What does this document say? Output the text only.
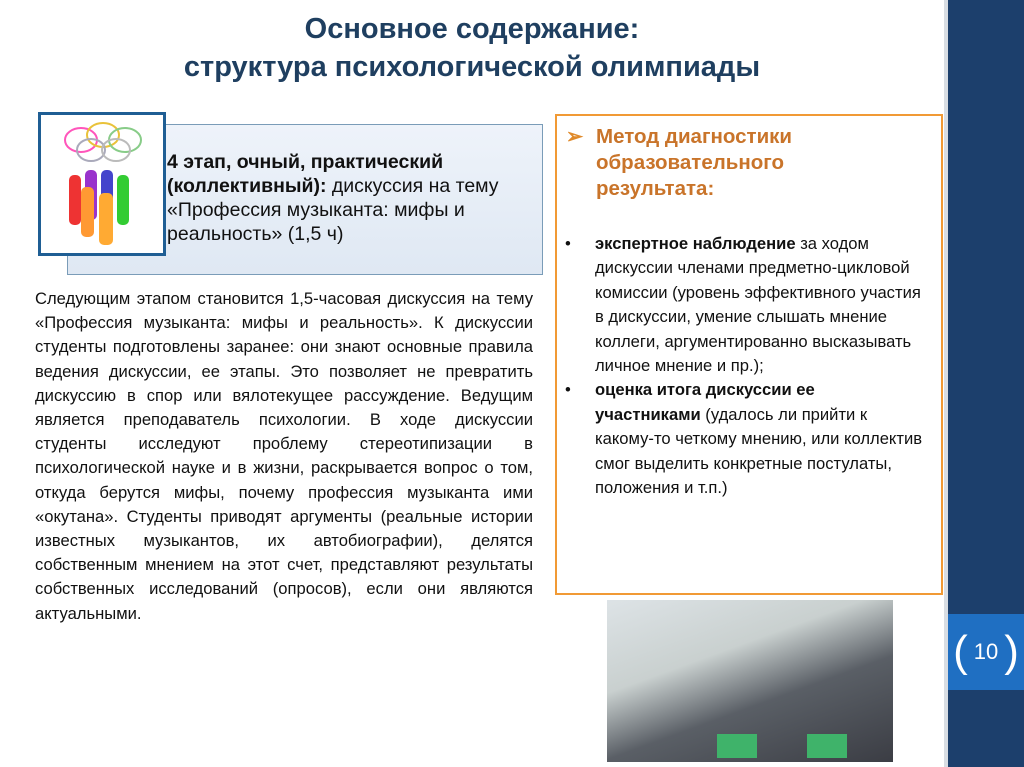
( 10 )
Основное содержание:
структура психологической олимпиады
4 этап, очный, практический (коллективный): дискуссия на тему «Профессия музыканта: мифы и реальность» (1,5 ч)
Следующим этапом становится 1,5-часовая дискуссия на тему «Профессия музыканта: мифы и реальность». К дискуссии студенты подготовлены заранее: они знают основные правила ведения дискуссии, ее этапы. Это позволяет не превратить дискуссию в спор или вялотекущее рассуждение. Ведущим является преподаватель психологии. В ходе дискуссии студенты исследуют проблему стереотипизации в психологической науке и в жизни, раскрывается вопрос о том, откуда берутся мифы, почему профессия музыканта ими «окутана». Студенты приводят аргументы (реальные истории известных музыкантов, их автобиографии), делятся собственным мнением на этот счет, представляют результаты собственных исследований (опросов), если они являются актуальными.
➢ Метод диагностики образовательного результата:
• экспертное наблюдение за ходом дискуссии членами предметно-цикловой комиссии (уровень эффективного участия в дискуссии, умение слышать мнение коллеги, аргументированно высказывать личное мнение и пр.);
• оценка итога дискуссии ее участниками (удалось ли прийти к какому-то четкому мнению, или коллектив смог выделить конкретные постулаты, положения и т.п.)
